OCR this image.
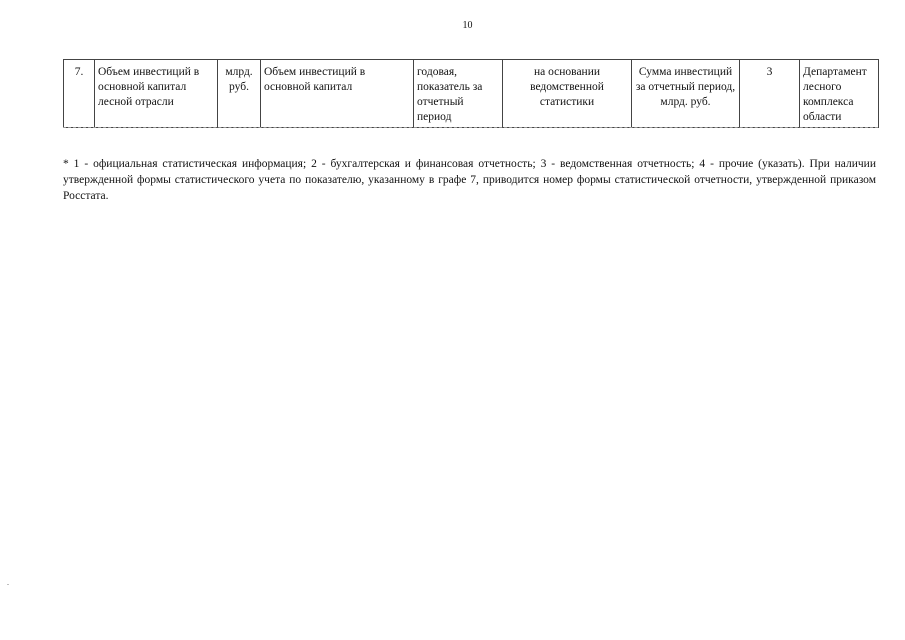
10
7.	Объем инвестиций в основной капитал лесной отрасли	млрд. руб.	Объем инвестиций в основной капитал	годовая, показатель за отчетный период	на основании ведомственной статистики	Сумма инвестиций за отчетный период, млрд. руб.	3	Департамент лесного комплекса области
* 1 - официальная статистическая информация; 2 - бухгалтерская и финансовая отчетность; 3 - ведомственная отчетность; 4 - прочие (указать). При наличии утвержденной формы статистического учета по показателю, указанному в графе 7, приводится номер формы статистической отчетности, утвержденной приказом Росстата.
.
